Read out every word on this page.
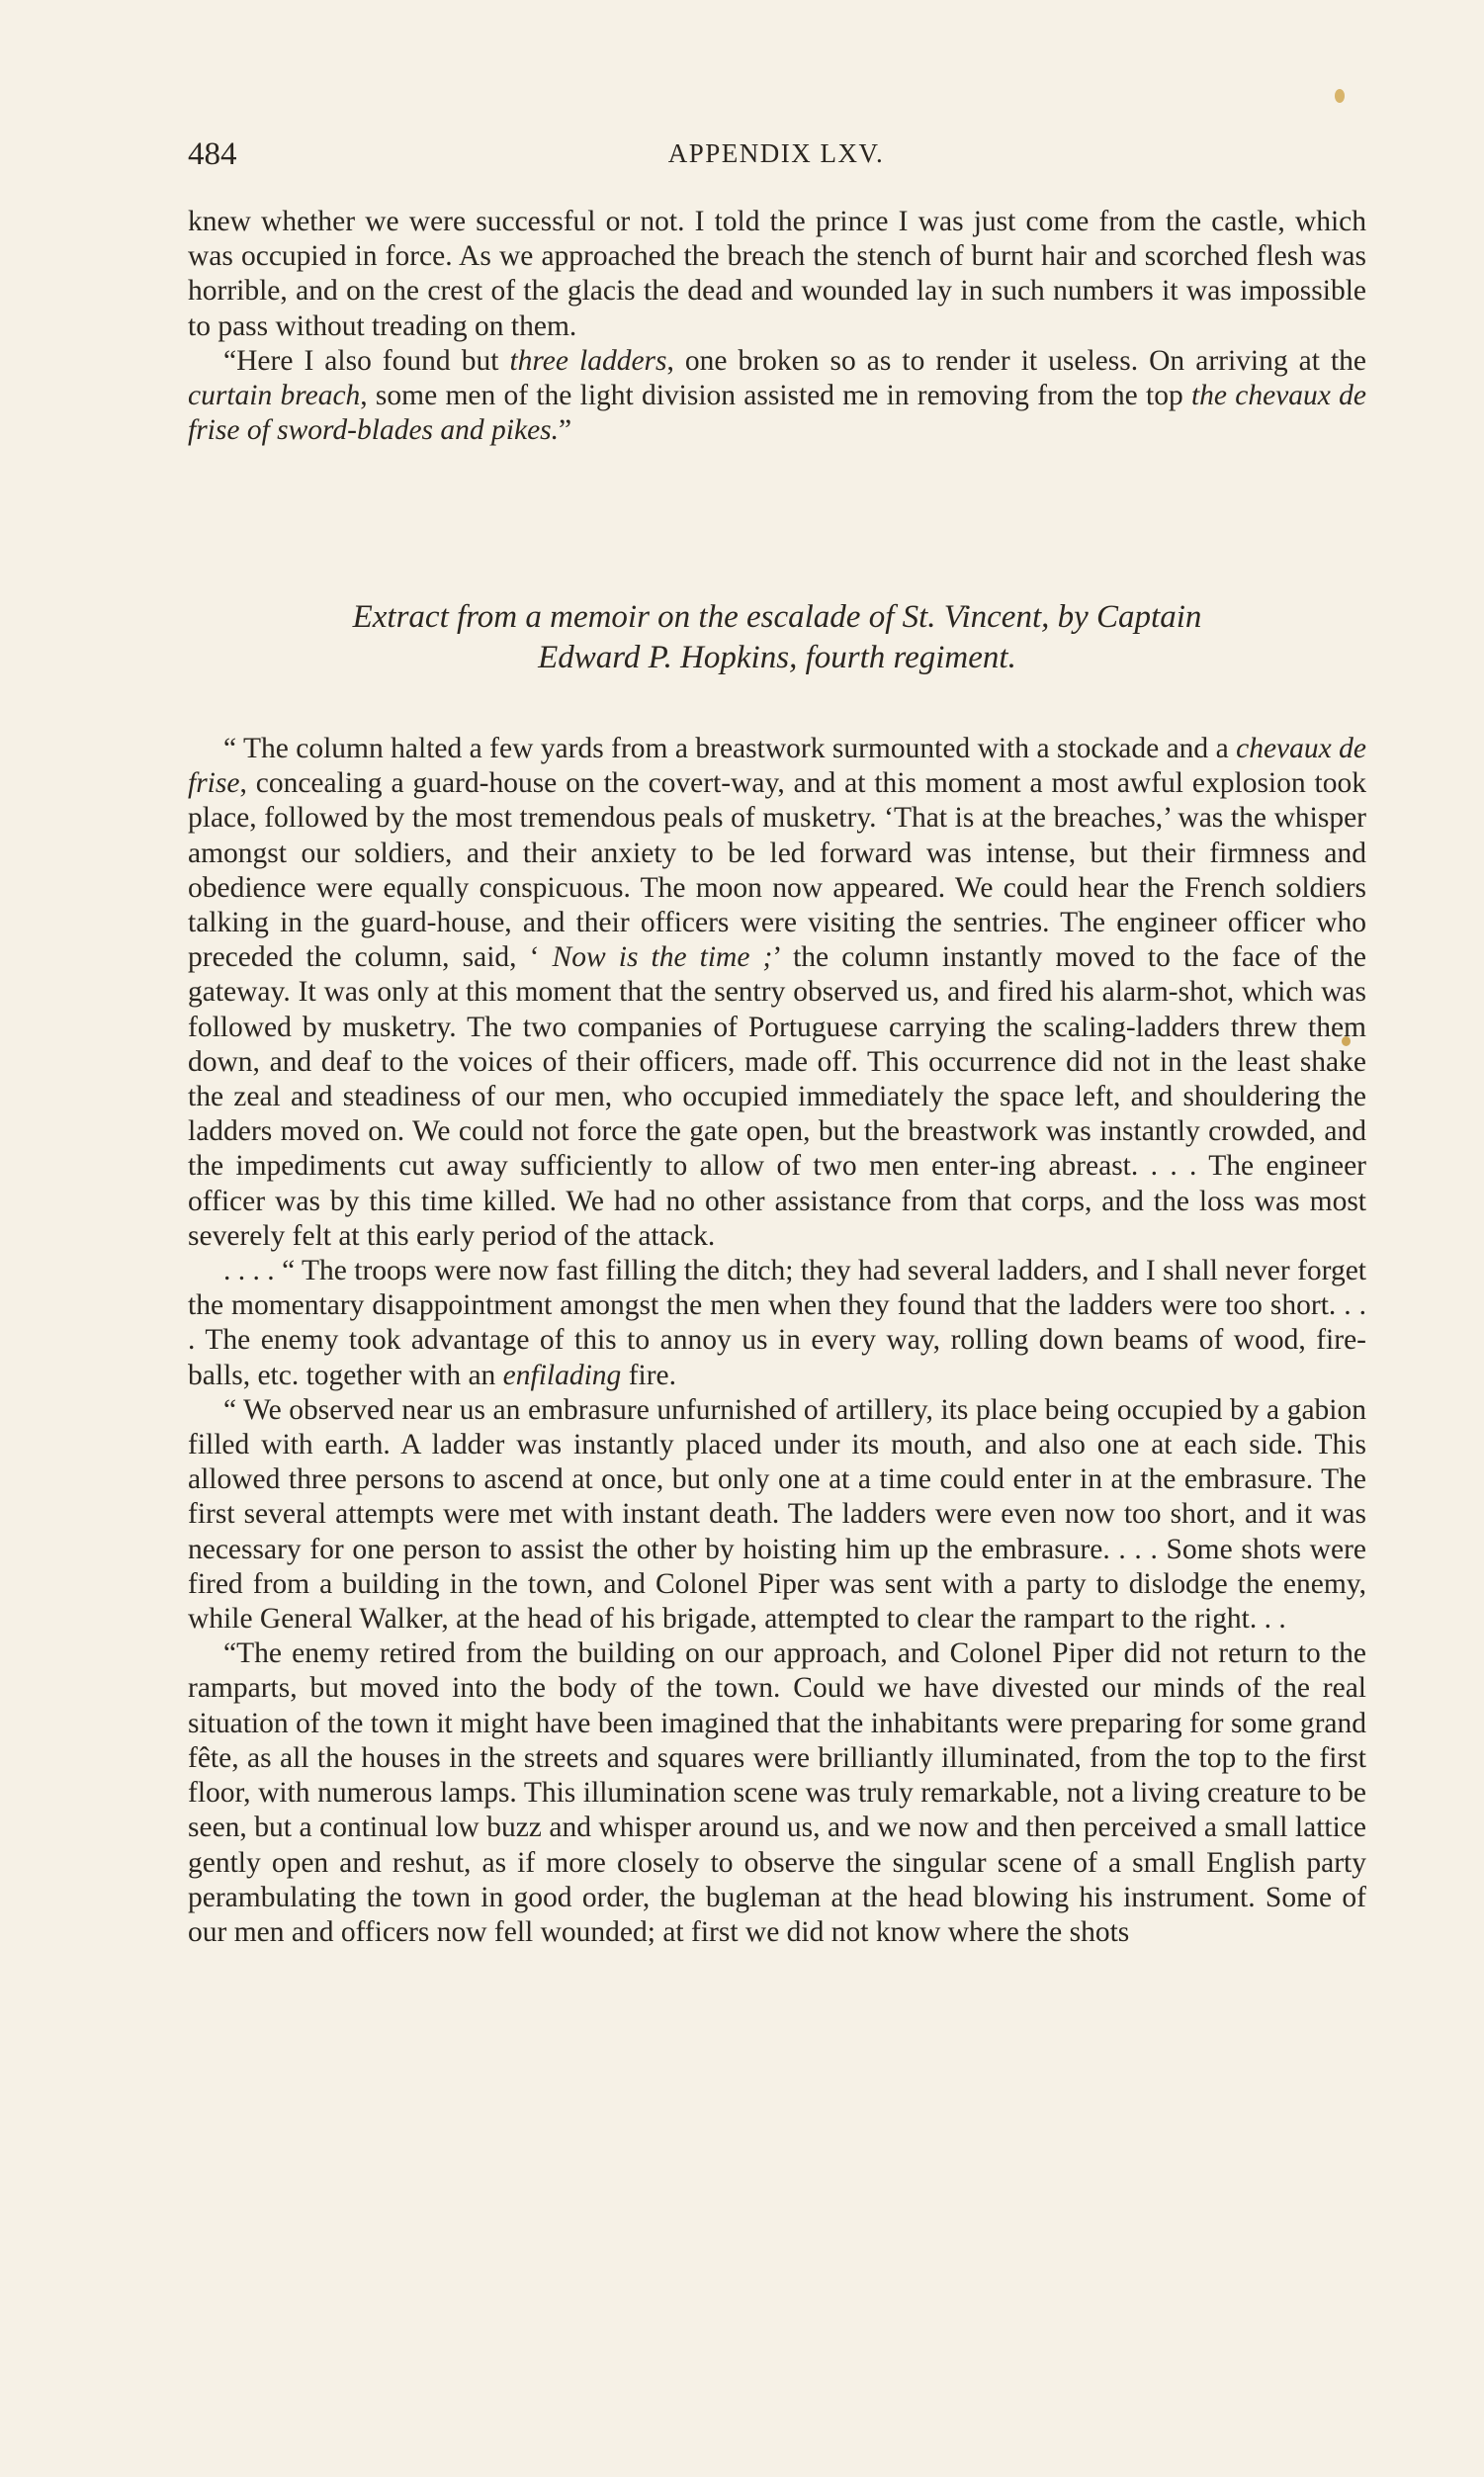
484	APPENDIX LXV.

knew whether we were successful or not. I told the prince I was just come from the castle, which was occupied in force. As we approached the breach the stench of burnt hair and scorched flesh was horrible, and on the crest of the glacis the dead and wounded lay in such numbers it was impossible to pass without treading on them.

“Here I also found but three ladders, one broken so as to render it useless. On arriving at the curtain breach, some men of the light division assisted me in removing from the top the chevaux de frise of sword-blades and pikes.”

Extract from a memoir on the escalade of St. Vincent, by Captain
Edward P. Hopkins, fourth regiment.

“ The column halted a few yards from a breastwork surmounted with a stockade and a chevaux de frise, concealing a guard-house on the covert-way, and at this moment a most awful explosion took place, followed by the most tremendous peals of musketry. ‘That is at the breaches,’ was the whisper amongst our soldiers, and their anxiety to be led forward was intense, but their firmness and obedience were equally conspicuous. The moon now appeared. We could hear the French soldiers talking in the guard-house, and their officers were visiting the sentries. The engineer officer who preceded the column, said, ‘ Now is the time ;’ the column instantly moved to the face of the gateway. It was only at this moment that the sentry observed us, and fired his alarm-shot, which was followed by musketry. The two companies of Portuguese carrying the scaling-ladders threw them down, and deaf to the voices of their officers, made off. This occurrence did not in the least shake the zeal and steadiness of our men, who occupied immediately the space left, and shouldering the ladders moved on. We could not force the gate open, but the breastwork was instantly crowded, and the impediments cut away sufficiently to allow of two men enter-ing abreast. . . . The engineer officer was by this time killed. We had no other assistance from that corps, and the loss was most severely felt at this early period of the attack.

. . . . “ The troops were now fast filling the ditch; they had several ladders, and I shall never forget the momentary disappointment amongst the men when they found that the ladders were too short. . . . The enemy took advantage of this to annoy us in every way, rolling down beams of wood, fire-balls, etc. together with an enfilading fire.

“ We observed near us an embrasure unfurnished of artillery, its place being occupied by a gabion filled with earth. A ladder was instantly placed under its mouth, and also one at each side. This allowed three persons to ascend at once, but only one at a time could enter in at the embrasure. The first several attempts were met with instant death. The ladders were even now too short, and it was necessary for one person to assist the other by hoisting him up the embrasure. . . . Some shots were fired from a building in the town, and Colonel Piper was sent with a party to dislodge the enemy, while General Walker, at the head of his brigade, attempted to clear the rampart to the right. . .

“The enemy retired from the building on our approach, and Colonel Piper did not return to the ramparts, but moved into the body of the town. Could we have divested our minds of the real situation of the town it might have been imagined that the inhabitants were preparing for some grand fête, as all the houses in the streets and squares were brilliantly illuminated, from the top to the first floor, with numerous lamps. This illumination scene was truly remarkable, not a living creature to be seen, but a continual low buzz and whisper around us, and we now and then perceived a small lattice gently open and reshut, as if more closely to observe the singular scene of a small English party perambulating the town in good order, the bugleman at the head blowing his instrument. Some of our men and officers now fell wounded; at first we did not know where the shots
